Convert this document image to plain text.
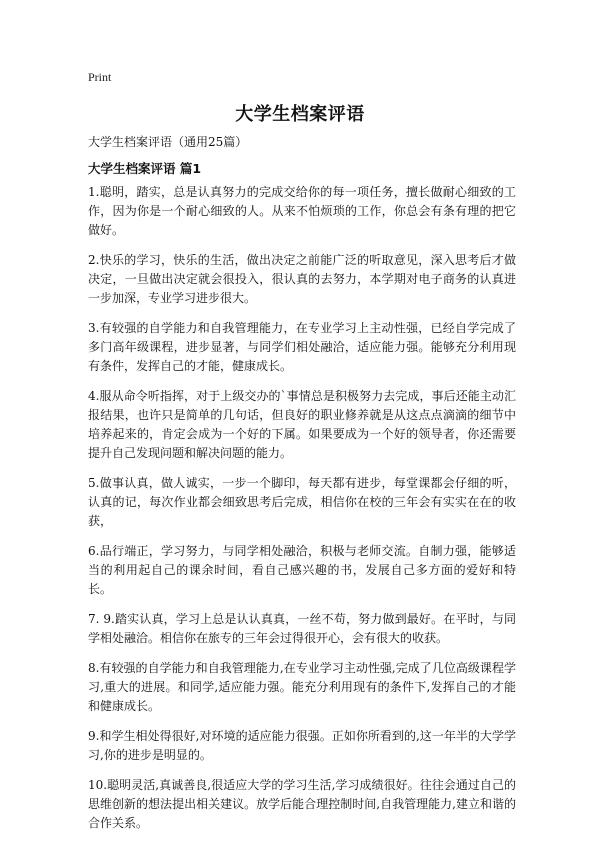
Print
大学生档案评语

大学生档案评语（通用25篇）

大学生档案评语 篇1

1.聪明，踏实，总是认真努力的完成交给你的每一项任务，擅长做耐心细致的工作，因为你是一个耐心细致的人。从来不怕烦琐的工作，你总会有条有理的把它做好。

2.快乐的学习，快乐的生活，做出决定之前能广泛的听取意见，深入思考后才做决定，一旦做出决定就会很投入，很认真的去努力，本学期对电子商务的认真进一步加深，专业学习进步很大。

3.有较强的自学能力和自我管理能力，在专业学习上主动性强，已经自学完成了多门高年级课程，进步显著，与同学们相处融洽，适应能力强。能够充分利用现有条件，发挥自己的才能，健康成长。

4.服从命令听指挥，对于上级交办的`事情总是积极努力去完成，事后还能主动汇报结果，也许只是简单的几句话，但良好的职业修养就是从这点点滴滴的细节中培养起来的，肯定会成为一个好的下属。如果要成为一个好的领导者，你还需要提升自己发现问题和解决问题的能力。

5.做事认真，做人诚实，一步一个脚印，每天都有进步，每堂课都会仔细的听，认真的记，每次作业都会细致思考后完成，相信你在校的三年会有实实在在的收获，

6.品行端正，学习努力，与同学相处融洽，积极与老师交流。自制力强，能够适当的利用起自己的课余时间，看自己感兴趣的书，发展自己多方面的爱好和特长。

7. 9.踏实认真，学习上总是认认真真，一丝不苟，努力做到最好。在平时，与同学相处融洽。相信你在旅专的三年会过得很开心，会有很大的收获。

8.有较强的自学能力和自我管理能力,在专业学习主动性强,完成了几位高级课程学习,重大的进展。和同学,适应能力强。能充分利用现有的条件下,发挥自己的才能和健康成长。

9.和学生相处得很好,对环境的适应能力很强。正如你所看到的,这一年半的大学学习,你的进步是明显的。

10.聪明灵活,真诚善良,很适应大学的学习生活,学习成绩很好。往往会通过自己的思维创新的想法提出相关建议。放学后能合理控制时间,自我管理能力,建立和谐的合作关系。
